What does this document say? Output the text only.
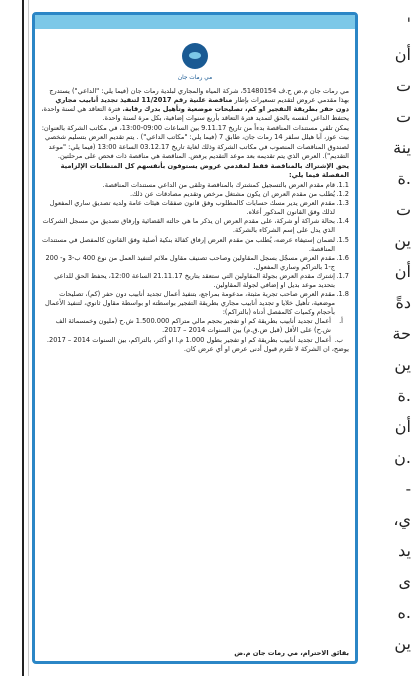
'
أن
ت
ت
ينة
.ة
ت
ين
أن
دةً
حة
ين
.ة
أن
.ن
-
ي،
يد
ى
.ه
ين
مي رمات جان

مي رمات جان م.ض ح.ف 51480154، شركة المياه والمجاري لبلدية رمات جان (فيما يلي: "الداعي") يستدرج بهذا مقدمي عروض لتقديم تسعيرات بإطار مناقصة علنية رقم 11/2017 لتنفيذ تجديد أنابيب مجاري دون حفر بطريقة التفجير او كم، تصليحات موضعية وتأهيل بدرك رقابة. فترة التعاقد هي لسنة واحدة، يحتفظ الداعي لنفسه بالحق لتمديد فترة التعاقد بأربع سنوات إضافية، بكل مرة لسنة واحدة.

يمكن تلقي مستندات المناقصة بدءاً من تاريخ 9.11.17 بين الساعات 09:00-13:00، في مكاتب الشركة بالعنوان: بيت عوز، آبا هيلل سلفر 14 رمات جان، طابق 7 (فيما يلي: "مكاتب الداعي") . يتم تقديم العرض بتسليم شخصي لصندوق المناقصات المنصوب في مكاتب الشركة وذلك لغاية تاريخ 03.12.17 الساعة 13:00 (فيما يلي: "موعد التقديم"). العرض الذي يتم تقديمه بعد موعد التقديم يرفض. المناقصة هي مناقصة ذات فحص على مرحلتين.

يحق الإشتراك بالمناقصة فقط لمقدمي عروض يستوفون بأنفسهم كل المتطلبات الإلزامية المفصلة فيما يلي:

1.1.
قام مقدم العرض بالتسجيل كمشترك بالمناقصة وتلقى من الداعي مستندات المناقصة.
1.2.
يُطلب من مقدم العرض ان يكون مشتغل مرخص وتقديم مصادقات عن ذلك.
1.3.
مقدم العرض يدير مسك حسابات كالمطلوب وفق قانون صفقات هيئات عامة ولديه تصديق ساري المفعول لذلك وفق القانون المذكور أعلاه.
1.4.
بحالة شراكة أو شركة، على مقدم العرض ان يذكر ما هي حالته القضائية وإرفاق تصديق من مسجل الشركات الذي يدل على إسم الشركاء بالشركة.
1.5.
لضمان إستيفاء عرضه، يُطلب من مقدم العرض إرفاق كفالة بنكية أصلية وفق القانون كالمفصل في مستندات المناقصة.
1.6.
مقدم العرض مسجّل بسجل المقاولين وصاحب تصنيف مقاول ملائم لتنفيذ العمل من نوع 400 ب-3 و- 200 ج-1 بالتراكم وساري المفعول.
1.7.
إشترك مقدم العرض بجولة المقاولين التي ستعقد بتاريخ 21.11.17 الساعة 12:00، يحفظ الحق للداعي بتحديد موعد بديل او إضافي لجولة المقاولين.
1.8.
مقدم العرض صاحب تجربة مثبتة، مدعومة بمراجع، بتنفيذ أعمال تجديد أنابيب دون حفر (كم)، تصليحات موضعية، تأهيل خلايا و تجديد أنابيب مجاري بطريقة التفجير بواسطته او بواسطة مقاول ثانوي، لتنفيذ الأعمال بأحجام وكميات كالمفصل أدناه (بالتراكم):
أ.
أعمال تجديد أنابيب بطريقة كم او تفجير بحجم مالي متراكم 1.500.000 ش.ح (مليون وخمسمائة الف ش.ح) على الأقل (قبل ض.ق.م) بين السنوات 2014 – 2017.
ب.
أعمال تجديد أنابيب بطريقة كم او تفجير بطول 1.000 م.ا او أكثر، بالتراكم، بين السنوات 2014 – 2017.

يوضح، ان الشركة لا تلتزم قبول أدنى عرض او أي عرض كان.

بفائق الاحترام، مي رمات جان م.ض
